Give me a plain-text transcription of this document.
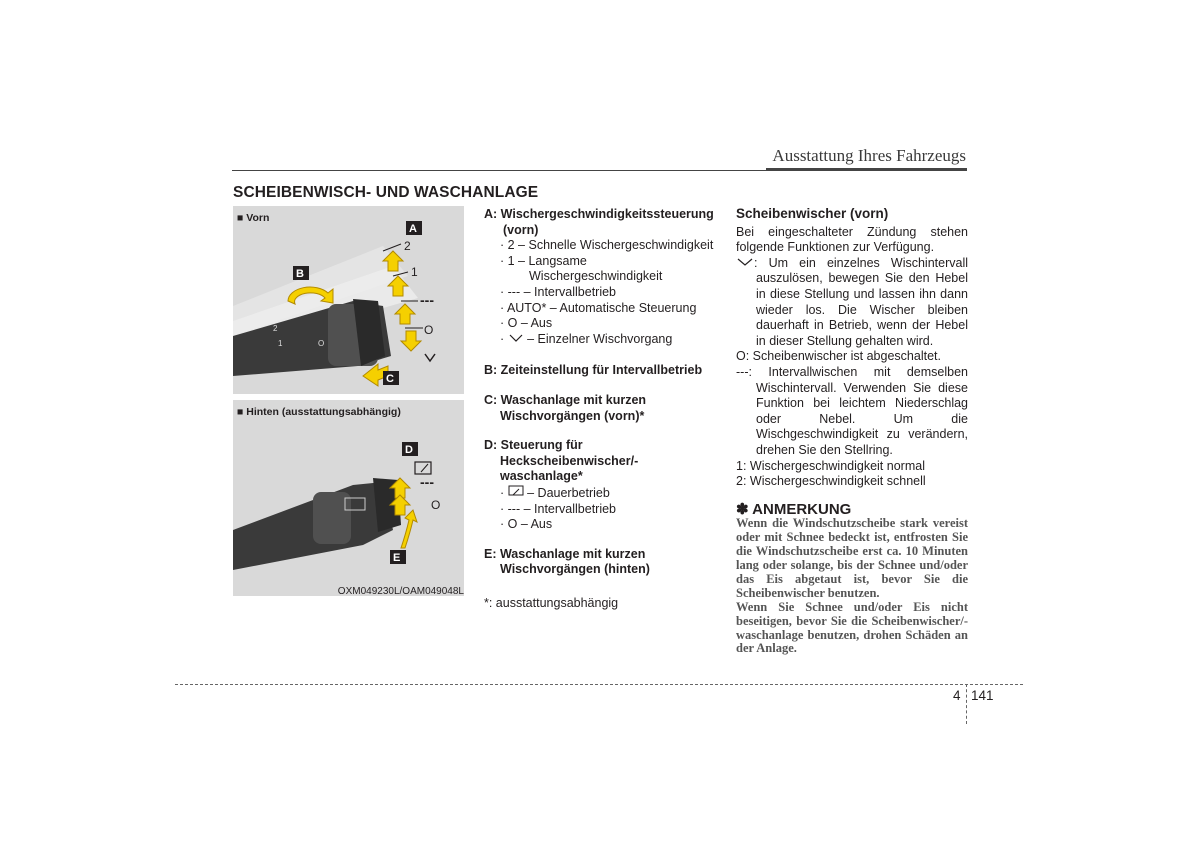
Ausstattung Ihres Fahrzeugs
SCHEIBENWISCH- UND WASCHANLAGE
■ Vorn
2
1	O
A
B
C
2
1
---
O
■ Hinten (ausstattungsabhängig)
D
E
---
O
OXM049230L/OAM049048L

A: Wischergeschwindigkeitssteuerung

(vorn)

· 2 – Schnelle Wischergeschwindigkeit

· 1 – Langsame

Wischergeschwindigkeit

· --- – Intervallbetrieb

· AUTO* – Automatische Steuerung

· O – Aus

·  – Einzelner Wischvorgang

B: Zeiteinstellung für Intervallbetrieb

C: Waschanlage mit kurzen

Wischvorgängen (vorn)*

D: Steuerung für

Heckscheibenwischer/-

waschanlage*

·  – Dauerbetrieb

· --- – Intervallbetrieb

· O – Aus

E: Waschanlage mit kurzen

Wischvorgängen (hinten)

*: ausstattungsabhängig

Scheibenwischer (vorn)

Bei eingeschalteter Zündung stehen folgende Funktionen zur Verfügung.

: Um ein einzelnes Wischintervall auszulösen, bewegen Sie den Hebel in diese Stellung und lassen ihn dann wieder los. Die Wischer bleiben dauerhaft in Betrieb, wenn der Hebel in dieser Stellung gehalten wird.

O: Scheibenwischer ist abgeschaltet.

---: Intervallwischen mit demselben Wischintervall. Verwenden Sie diese Funktion bei leichtem Niederschlag oder Nebel. Um die Wischgeschwindigkeit zu verändern, drehen Sie den Stellring.

1: Wischergeschwindigkeit normal

2: Wischergeschwindigkeit schnell

✽ ANMERKUNG

Wenn die Windschutzscheibe stark vereist oder mit Schnee bedeckt ist, entfrosten Sie die Windschutzscheibe erst ca. 10 Minuten lang oder solange, bis der Schnee und/oder das Eis abgetaut ist, bevor Sie die Scheibenwischer benutzen.

Wenn Sie Schnee und/oder Eis nicht beseitigen, bevor Sie die Scheibenwischer/-waschanlage benutzen, drohen Schäden an der Anlage.

4 141
